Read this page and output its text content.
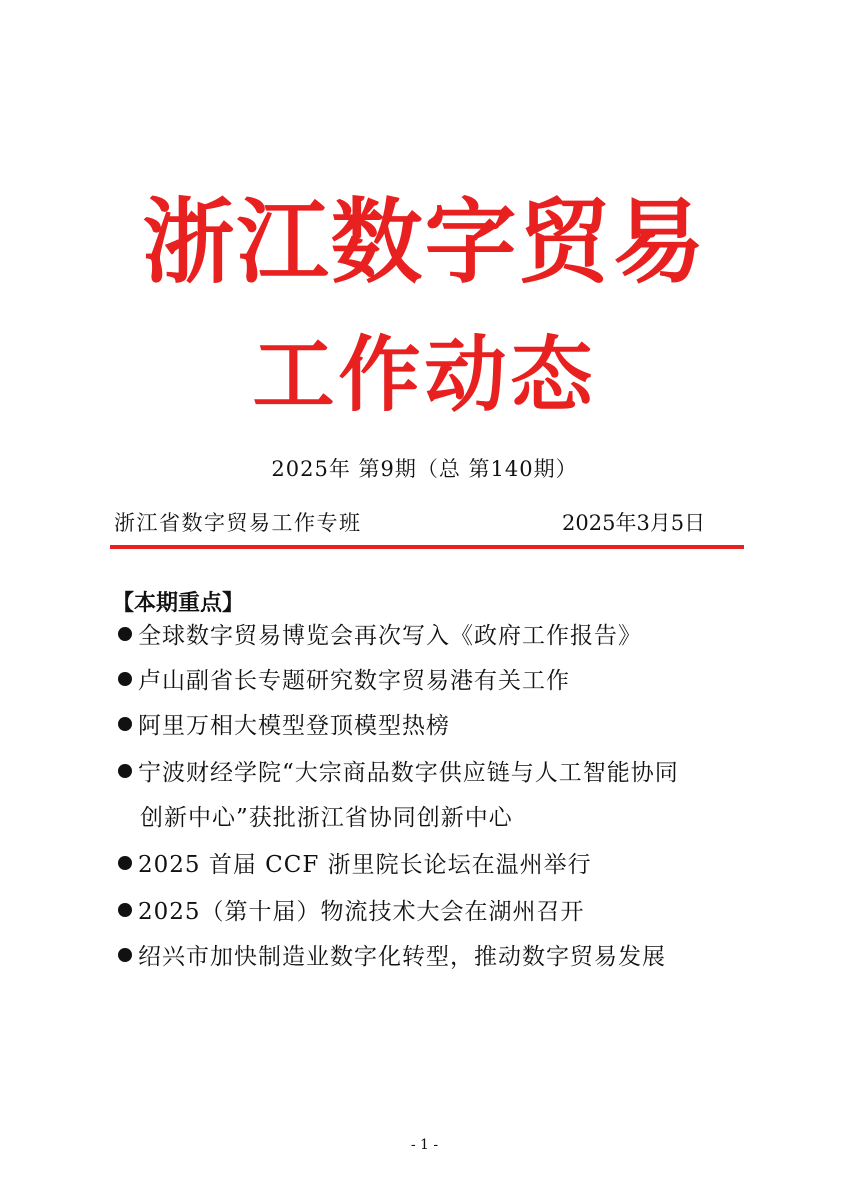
浙江数字贸易
工作动态
2025年 第9期（总 第140期）
浙江省数字贸易工作专班	2025年3月5日
【本期重点】
全球数字贸易博览会再次写入《政府工作报告》
卢山副省长专题研究数字贸易港有关工作
阿里万相大模型登顶模型热榜
宁波财经学院“大宗商品数字供应链与人工智能协同
创新中心”获批浙江省协同创新中心
2025 首届 CCF 浙里院长论坛在温州举行
2025（第十届）物流技术大会在湖州召开
绍兴市加快制造业数字化转型，推动数字贸易发展
- 1 -
